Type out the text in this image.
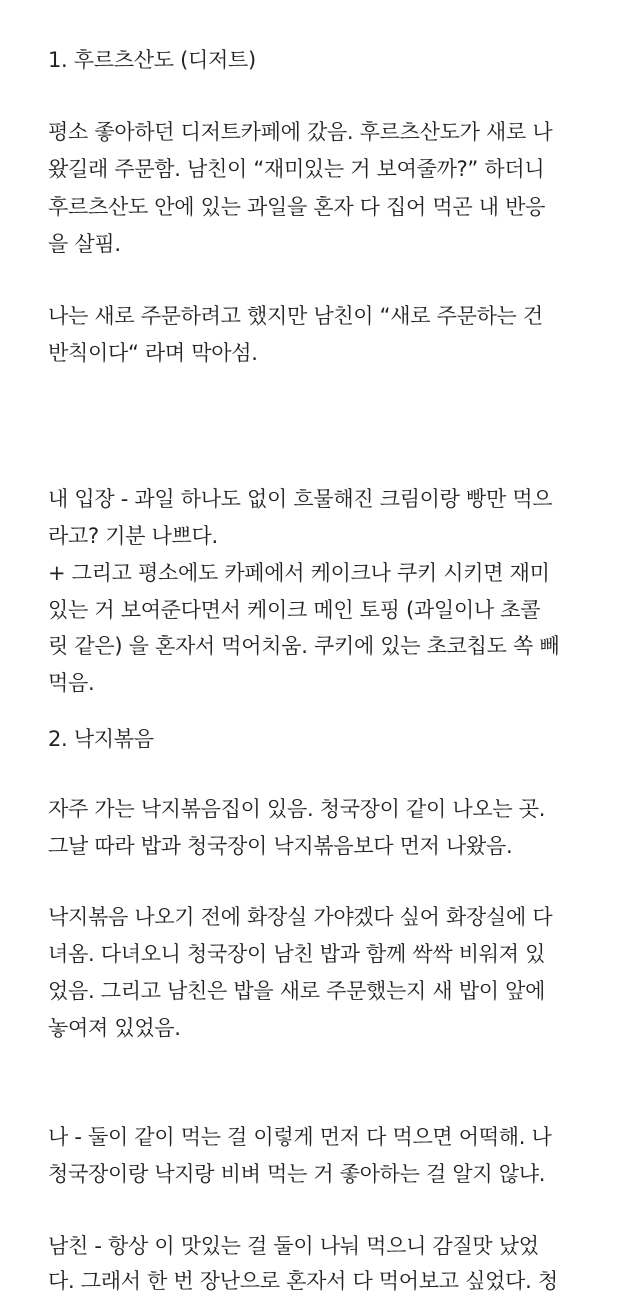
1. 후르츠산도 (디저트)
평소 좋아하던 디저트카페에 갔음. 후르츠산도가 새로 나
왔길래 주문함. 남친이 “재미있는 거 보여줄까?” 하더니
후르츠산도 안에 있는 과일을 혼자 다 집어 먹곤 내 반응
을 살핌.
나는 새로 주문하려고 했지만 남친이 “새로 주문하는 건
반칙이다“ 라며 막아섬.
내 입장 - 과일 하나도 없이 흐물해진 크림이랑 빵만 먹으
라고? 기분 나쁘다.
+ 그리고 평소에도 카페에서 케이크나 쿠키 시키면 재미
있는 거 보여준다면서 케이크 메인 토핑 (과일이나 초콜
릿 같은) 을 혼자서 먹어치움. 쿠키에 있는 초코칩도 쏙 빼
먹음.
2. 낙지볶음
자주 가는 낙지볶음집이 있음. 청국장이 같이 나오는 곳.
그날 따라 밥과 청국장이 낙지볶음보다 먼저 나왔음.
낙지볶음 나오기 전에 화장실 가야겠다 싶어 화장실에 다
녀옴. 다녀오니 청국장이 남친 밥과 함께 싹싹 비워져 있
었음. 그리고 남친은 밥을 새로 주문했는지 새 밥이 앞에
놓여져 있었음.
나 - 둘이 같이 먹는 걸 이렇게 먼저 다 먹으면 어떡해. 나
청국장이랑 낙지랑 비벼 먹는 거 좋아하는 걸 알지 않냐.
남친 - 항상 이 맛있는 걸 둘이 나눠 먹으니 감질맛 났었
다. 그래서 한 번 장난으로 혼자서 다 먹어보고 싶었다. 청
